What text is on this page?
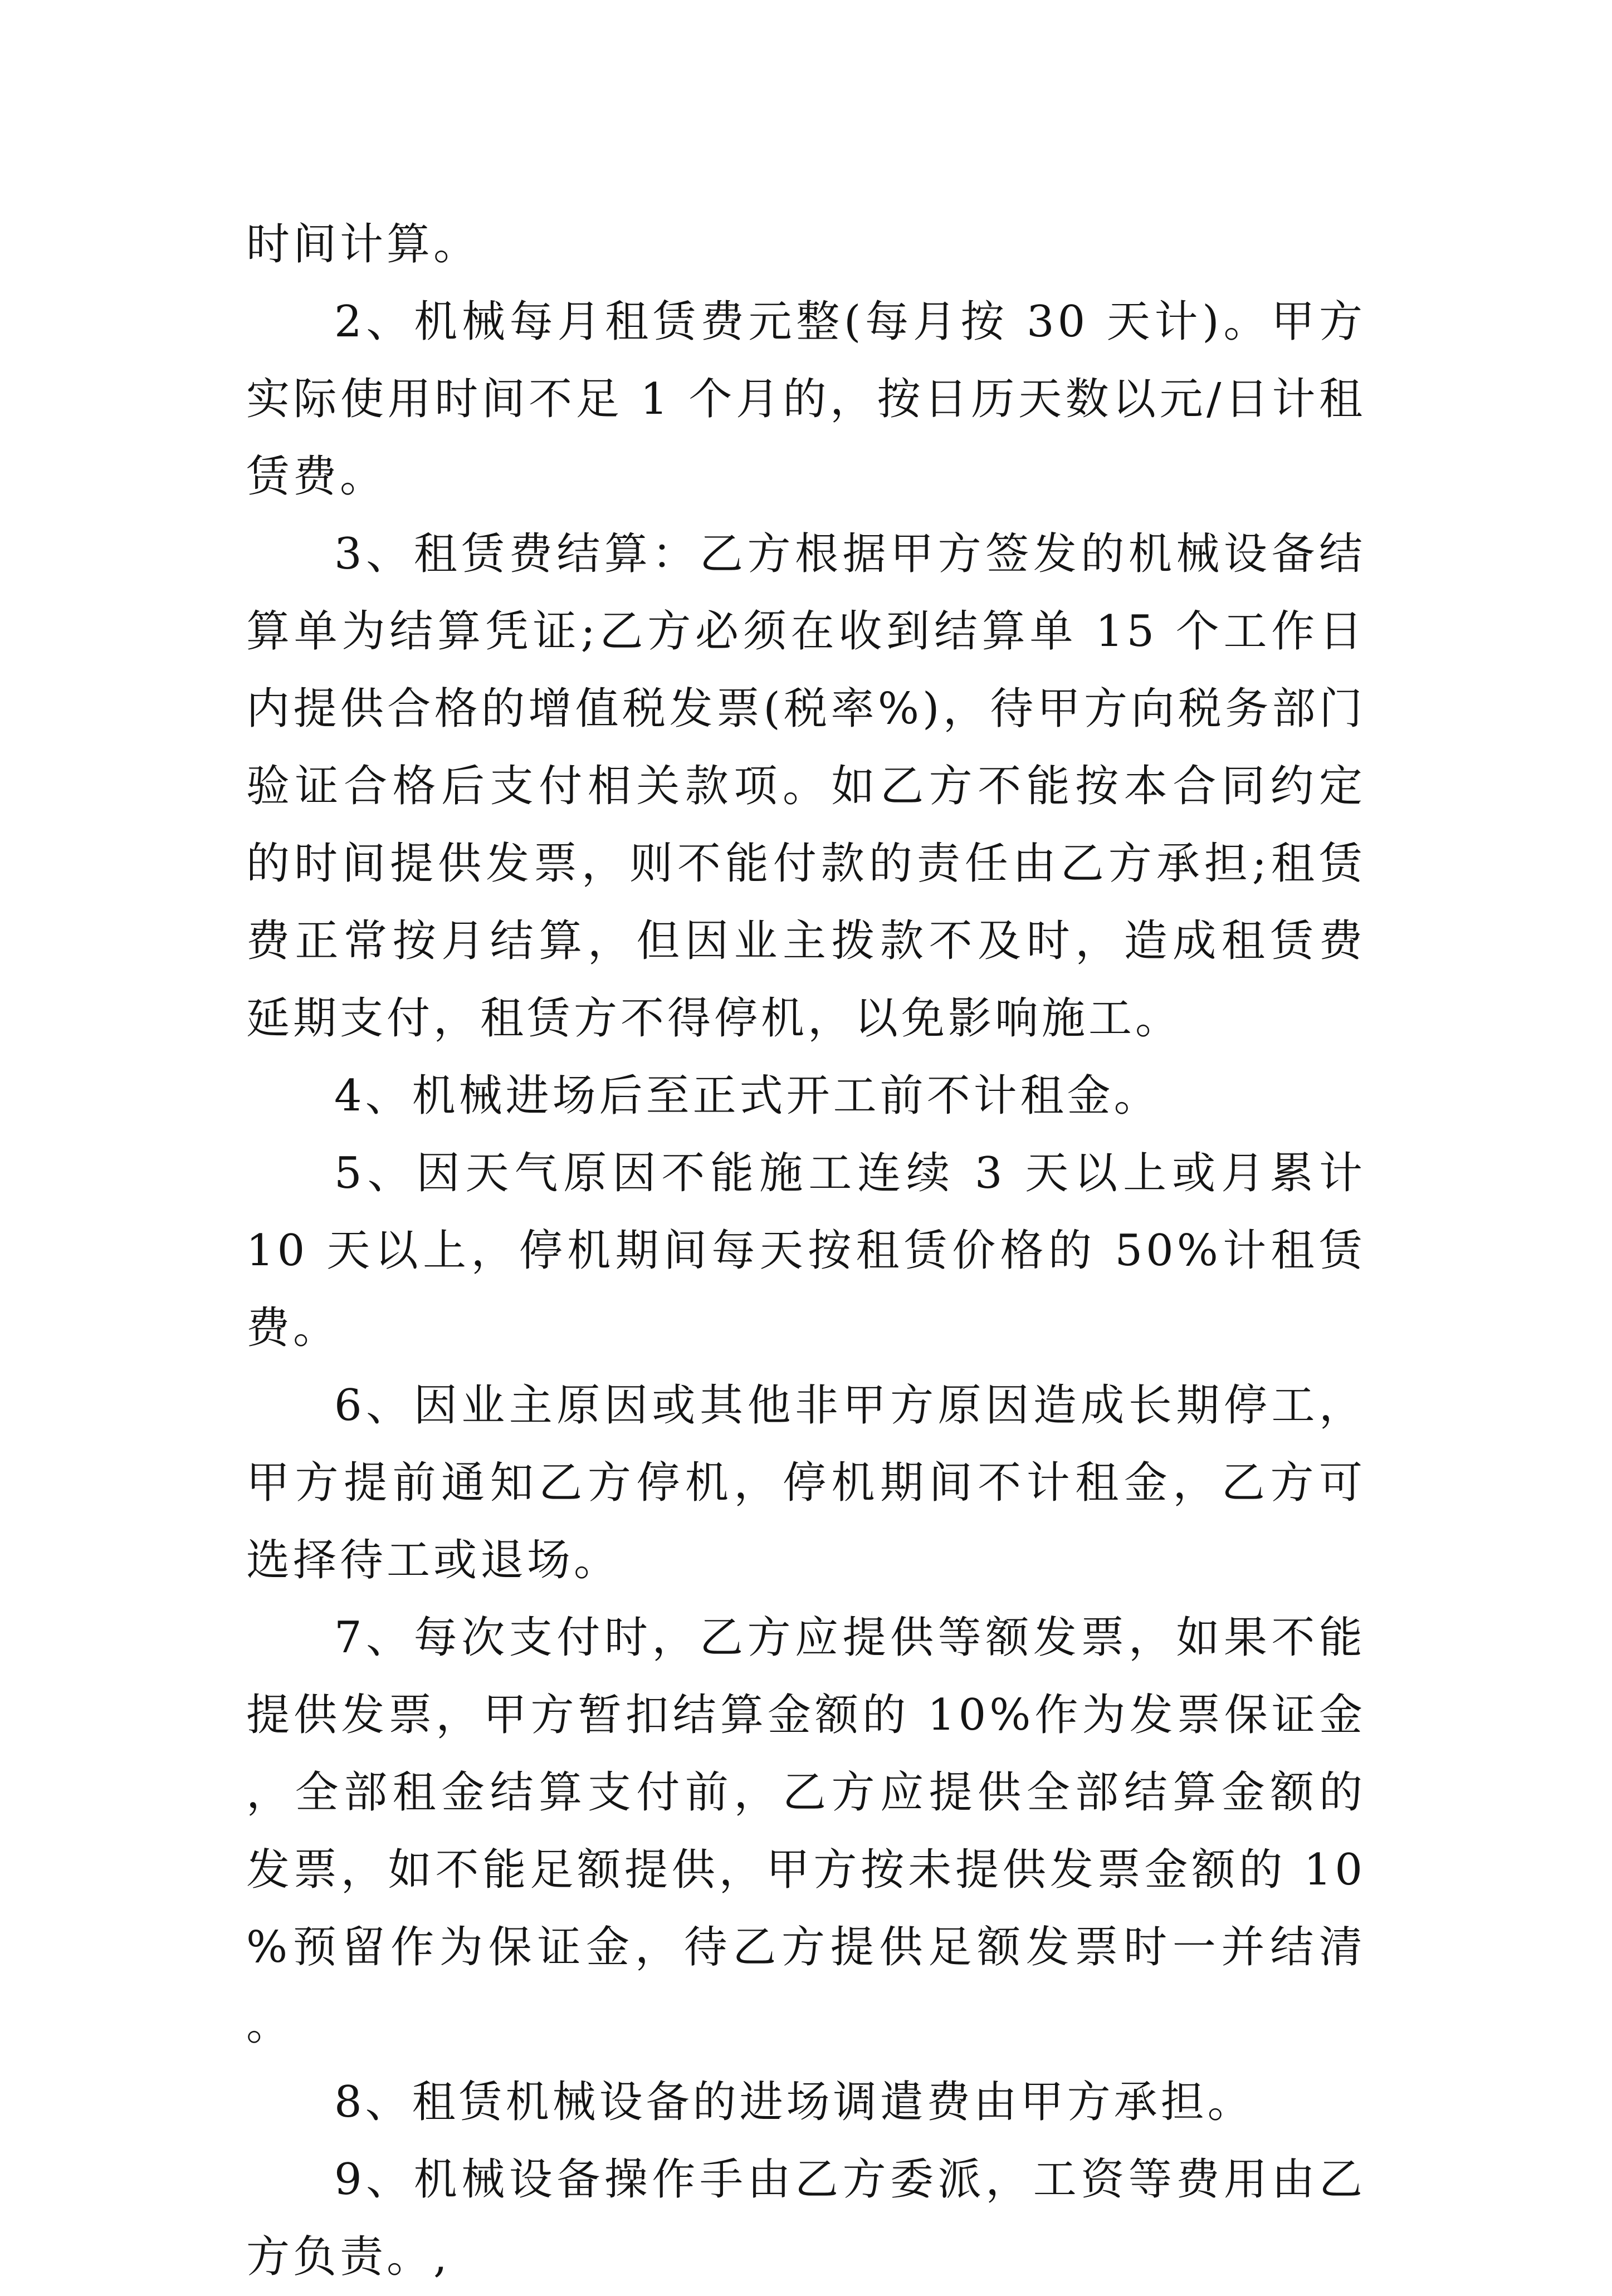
时间计算。

2、机械每月租赁费元整(每月按 30 天计)。甲方实际使用时间不足 1 个月的，按日历天数以元/日计租赁费。

3、租赁费结算：乙方根据甲方签发的机械设备结算单为结算凭证;乙方必须在收到结算单 15 个工作日内提供合格的增值税发票(税率%)，待甲方向税务部门验证合格后支付相关款项。如乙方不能按本合同约定的时间提供发票，则不能付款的责任由乙方承担;租赁费正常按月结算，但因业主拨款不及时，造成租赁费延期支付，租赁方不得停机，以免影响施工。

4、机械进场后至正式开工前不计租金。

5、因天气原因不能施工连续 3 天以上或月累计 10 天以上，停机期间每天按租赁价格的 50%计租赁费。

6、因业主原因或其他非甲方原因造成长期停工，甲方提前通知乙方停机，停机期间不计租金，乙方可选择待工或退场。

7、每次支付时，乙方应提供等额发票，如果不能提供发票，甲方暂扣结算金额的 10%作为发票保证金，全部租金结算支付前，乙方应提供全部结算金额的发票，如不能足额提供，甲方按未提供发票金额的 10%预留作为保证金，待乙方提供足额发票时一并结清。

8、租赁机械设备的进场调遣费由甲方承担。

9、机械设备操作手由乙方委派，工资等费用由乙方负责。,
